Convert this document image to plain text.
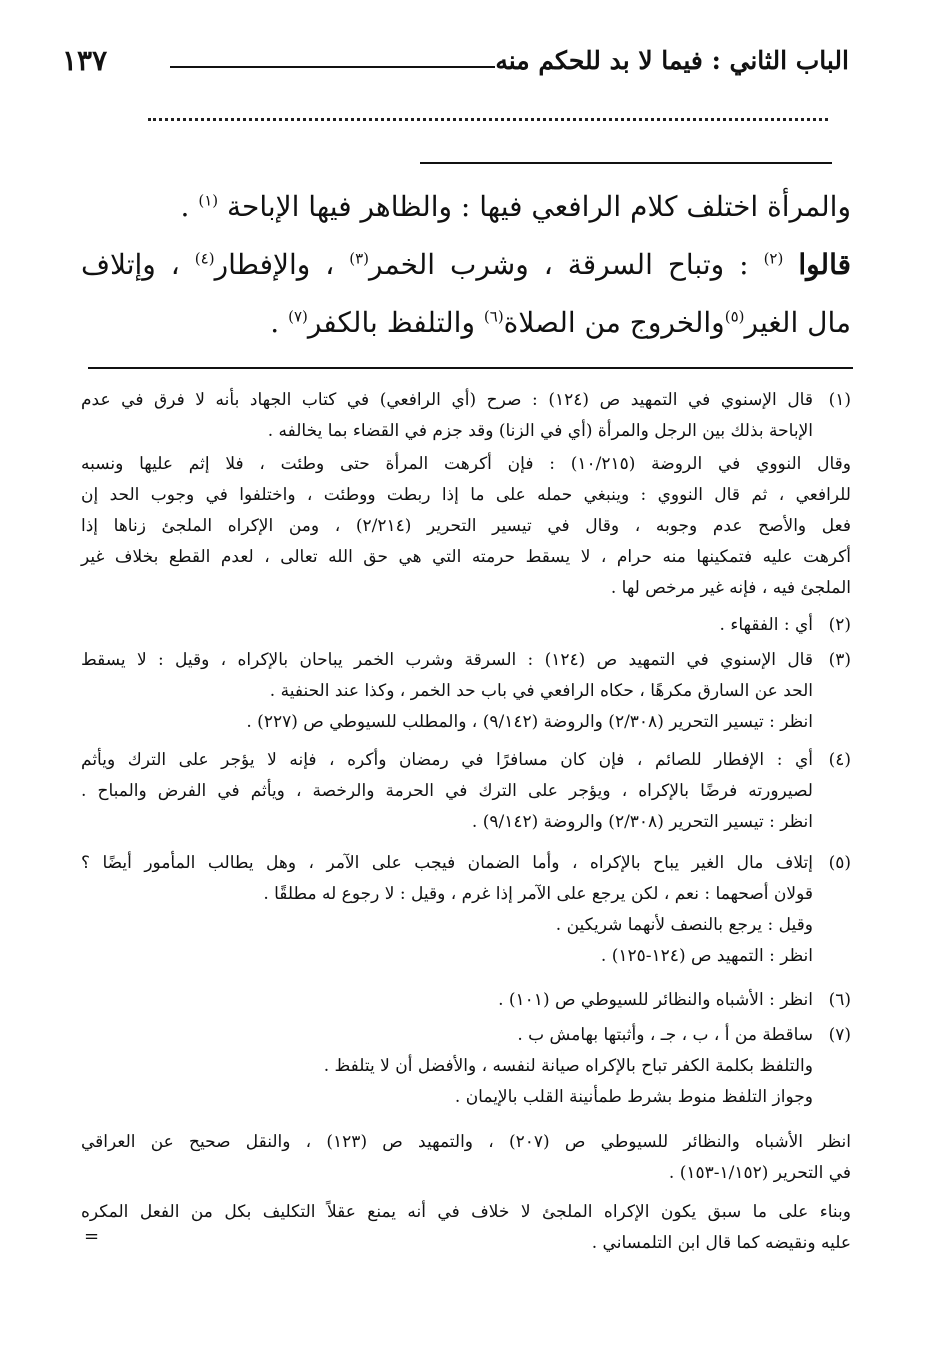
الباب الثاني : فيما لا بد للحكم منه
١٣٧

والمرأة اختلف كلام الرافعي فيها : والظاهر فيها الإباحة $^{(١)}$ .

قالوا $^{(٢)}$ : وتباح السرقة ، وشرب الخمر$^{(٣)}$ ، والإفطار$^{(٤)}$ ، وإتلاف

مال الغير$^{(٥)}$والخروج من الصلاة$^{(٦)}$ والتلفظ بالكفر$^{(٧)}$ .

(١)قال الإسنوي في التمهيد ص (١٢٤) : صرح (أي الرافعي) في كتاب الجهاد بأنه لا فرق في عدم

الإباحة بذلك بين الرجل والمرأة (أي في الزنا) وقد جزم في القضاء بما يخالفه .

وقال النووي في الروضة (١٠/٢١٥) : فإن أكرهت المرأة حتى وطئت ، فلا إثم عليها ونسبه

للرافعي ، ثم قال النووي : وينبغي حمله على ما إذا ربطت ووطئت ، واختلفوا في وجوب الحد إن

فعل والأصح عدم وجوبه ، وقال في تيسير التحرير (٢/٢١٤) ، ومن الإكراه الملجئ زناها إذا

أكرهت عليه فتمكينها منه حرام ، لا يسقط حرمته التي هي حق الله تعالى ، لعدم القطع بخلاف غير

الملجئ فيه ، فإنه غير مرخص لها .

(٢)أي : الفقهاء .

(٣)قال الإسنوي في التمهيد ص (١٢٤) : السرقة وشرب الخمر يباحان بالإكراه ، وقيل : لا يسقط

الحد عن السارق مكرهًا ، حكاه الرافعي في باب حد الخمر ، وكذا عند الحنفية .

انظر : تيسير التحرير (٢/٣٠٨) والروضة (٩/١٤٢) ، والمطلب للسيوطي ص (٢٢٧) .

(٤)أي : الإفطار للصائم ، فإن كان مسافرًا في رمضان وأكره ، فإنه لا يؤجر على الترك ويأثم

لصيرورته فرضًا بالإكراه ، ويؤجر على الترك في الحرمة والرخصة ، ويأثم في الفرض والمباح .

انظر : تيسير التحرير (٢/٣٠٨) والروضة (٩/١٤٢) .

(٥)إتلاف مال الغير يباح بالإكراه ، وأما الضمان فيجب على الآمر ، وهل يطالب المأمور أيضًا ؟

قولان أصحهما : نعم ، لكن يرجع على الآمر إذا غرم ، وقيل : لا رجوع له مطلقًا .

وقيل : يرجع بالنصف لأنهما شريكين .

انظر : التمهيد ص (١٢٤-١٢٥) .

(٦)انظر : الأشباه والنظائر للسيوطي ص (١٠١) .

(٧)ساقطة من أ ، ب ، جـ ، وأثبتها بهامش ب .

والتلفظ بكلمة الكفر تباح بالإكراه صيانة لنفسه ، والأفضل أن لا يتلفظ .

وجواز التلفظ منوط بشرط طمأنينة القلب بالإيمان .

انظر الأشباه والنظائر للسيوطي ص (٢٠٧) ، والتمهيد ص (١٢٣) ، والنقل صحيح عن العراقي

في التحرير (١/١٥٢-١٥٣) .

وبناء على ما سبق يكون الإكراه الملجئ لا خلاف في أنه يمنع عقلاً التكليف بكل من الفعل المكره

عليه ونقيضه كما قال ابن التلمساني .

=
